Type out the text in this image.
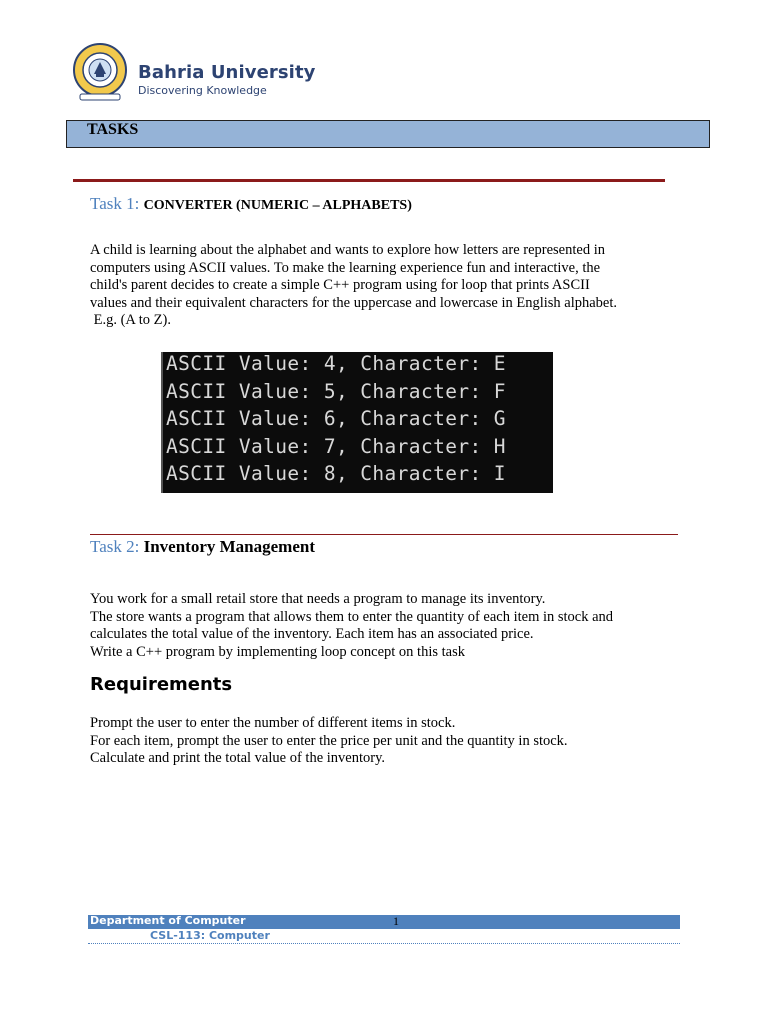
Bahria University
Discovering Knowledge
TASKS
Task 1: CONVERTER (NUMERIC – ALPHABETS)
A child is learning about the alphabet and wants to explore how letters are represented in
computers using ASCII values. To make the learning experience fun and interactive, the
child's parent decides to create a simple C++ program using for loop that prints ASCII
values and their equivalent characters for the uppercase and lowercase in English alphabet.
E.g. (A to Z).
ASCII Value: 4, Character: E
ASCII Value: 5, Character: F
ASCII Value: 6, Character: G
ASCII Value: 7, Character: H
ASCII Value: 8, Character: I
Task 2: Inventory Management
You work for a small retail store that needs a program to manage its inventory.
The store wants a program that allows them to enter the quantity of each item in stock and
calculates the total value of the inventory. Each item has an associated price.
Write a C++ program by implementing loop concept on this task
Requirements
Prompt the user to enter the number of different items in stock.
For each item, prompt the user to enter the price per unit and the quantity in stock.
Calculate and print the total value of the inventory.
Department of Computer	1
CSL-113: Computer
